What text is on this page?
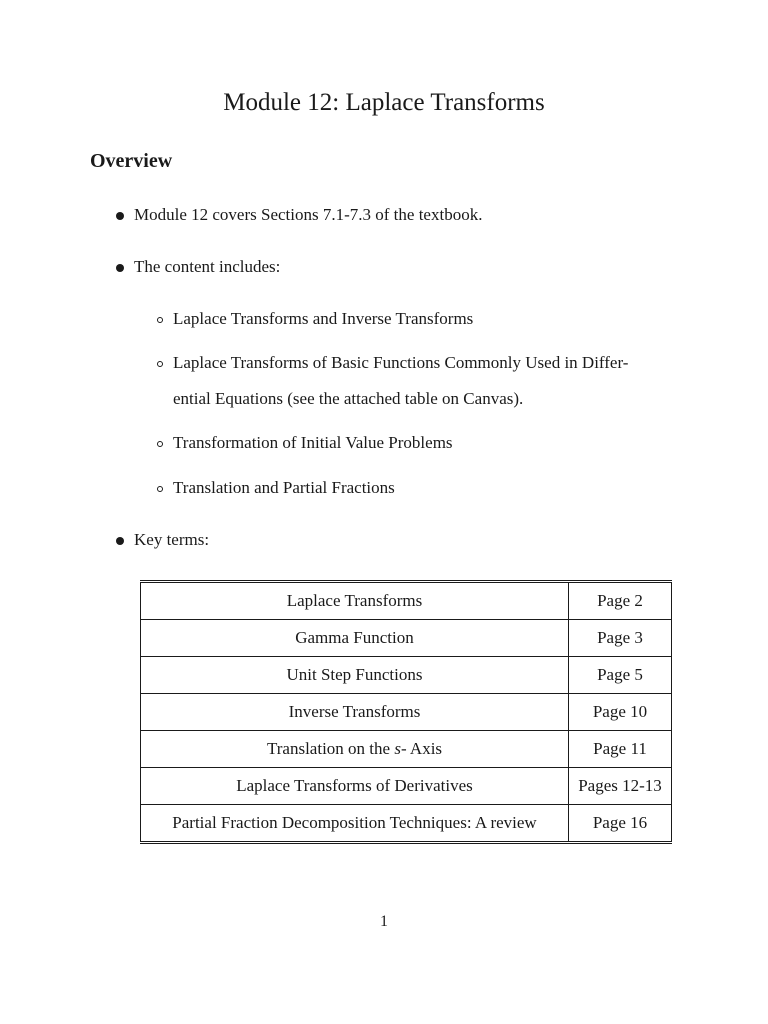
Module 12: Laplace Transforms
Overview
Module 12 covers Sections 7.1-7.3 of the textbook.
The content includes:
Laplace Transforms and Inverse Transforms
Laplace Transforms of Basic Functions Commonly Used in Differ-
ential Equations (see the attached table on Canvas).
Transformation of Initial Value Problems
Translation and Partial Fractions
Key terms:
Laplace Transforms	Page 2
Gamma Function	Page 3
Unit Step Functions	Page 5
Inverse Transforms	Page 10
Translation on the s- Axis	Page 11
Laplace Transforms of Derivatives	Pages 12-13
Partial Fraction Decomposition Techniques: A review	Page 16
1
